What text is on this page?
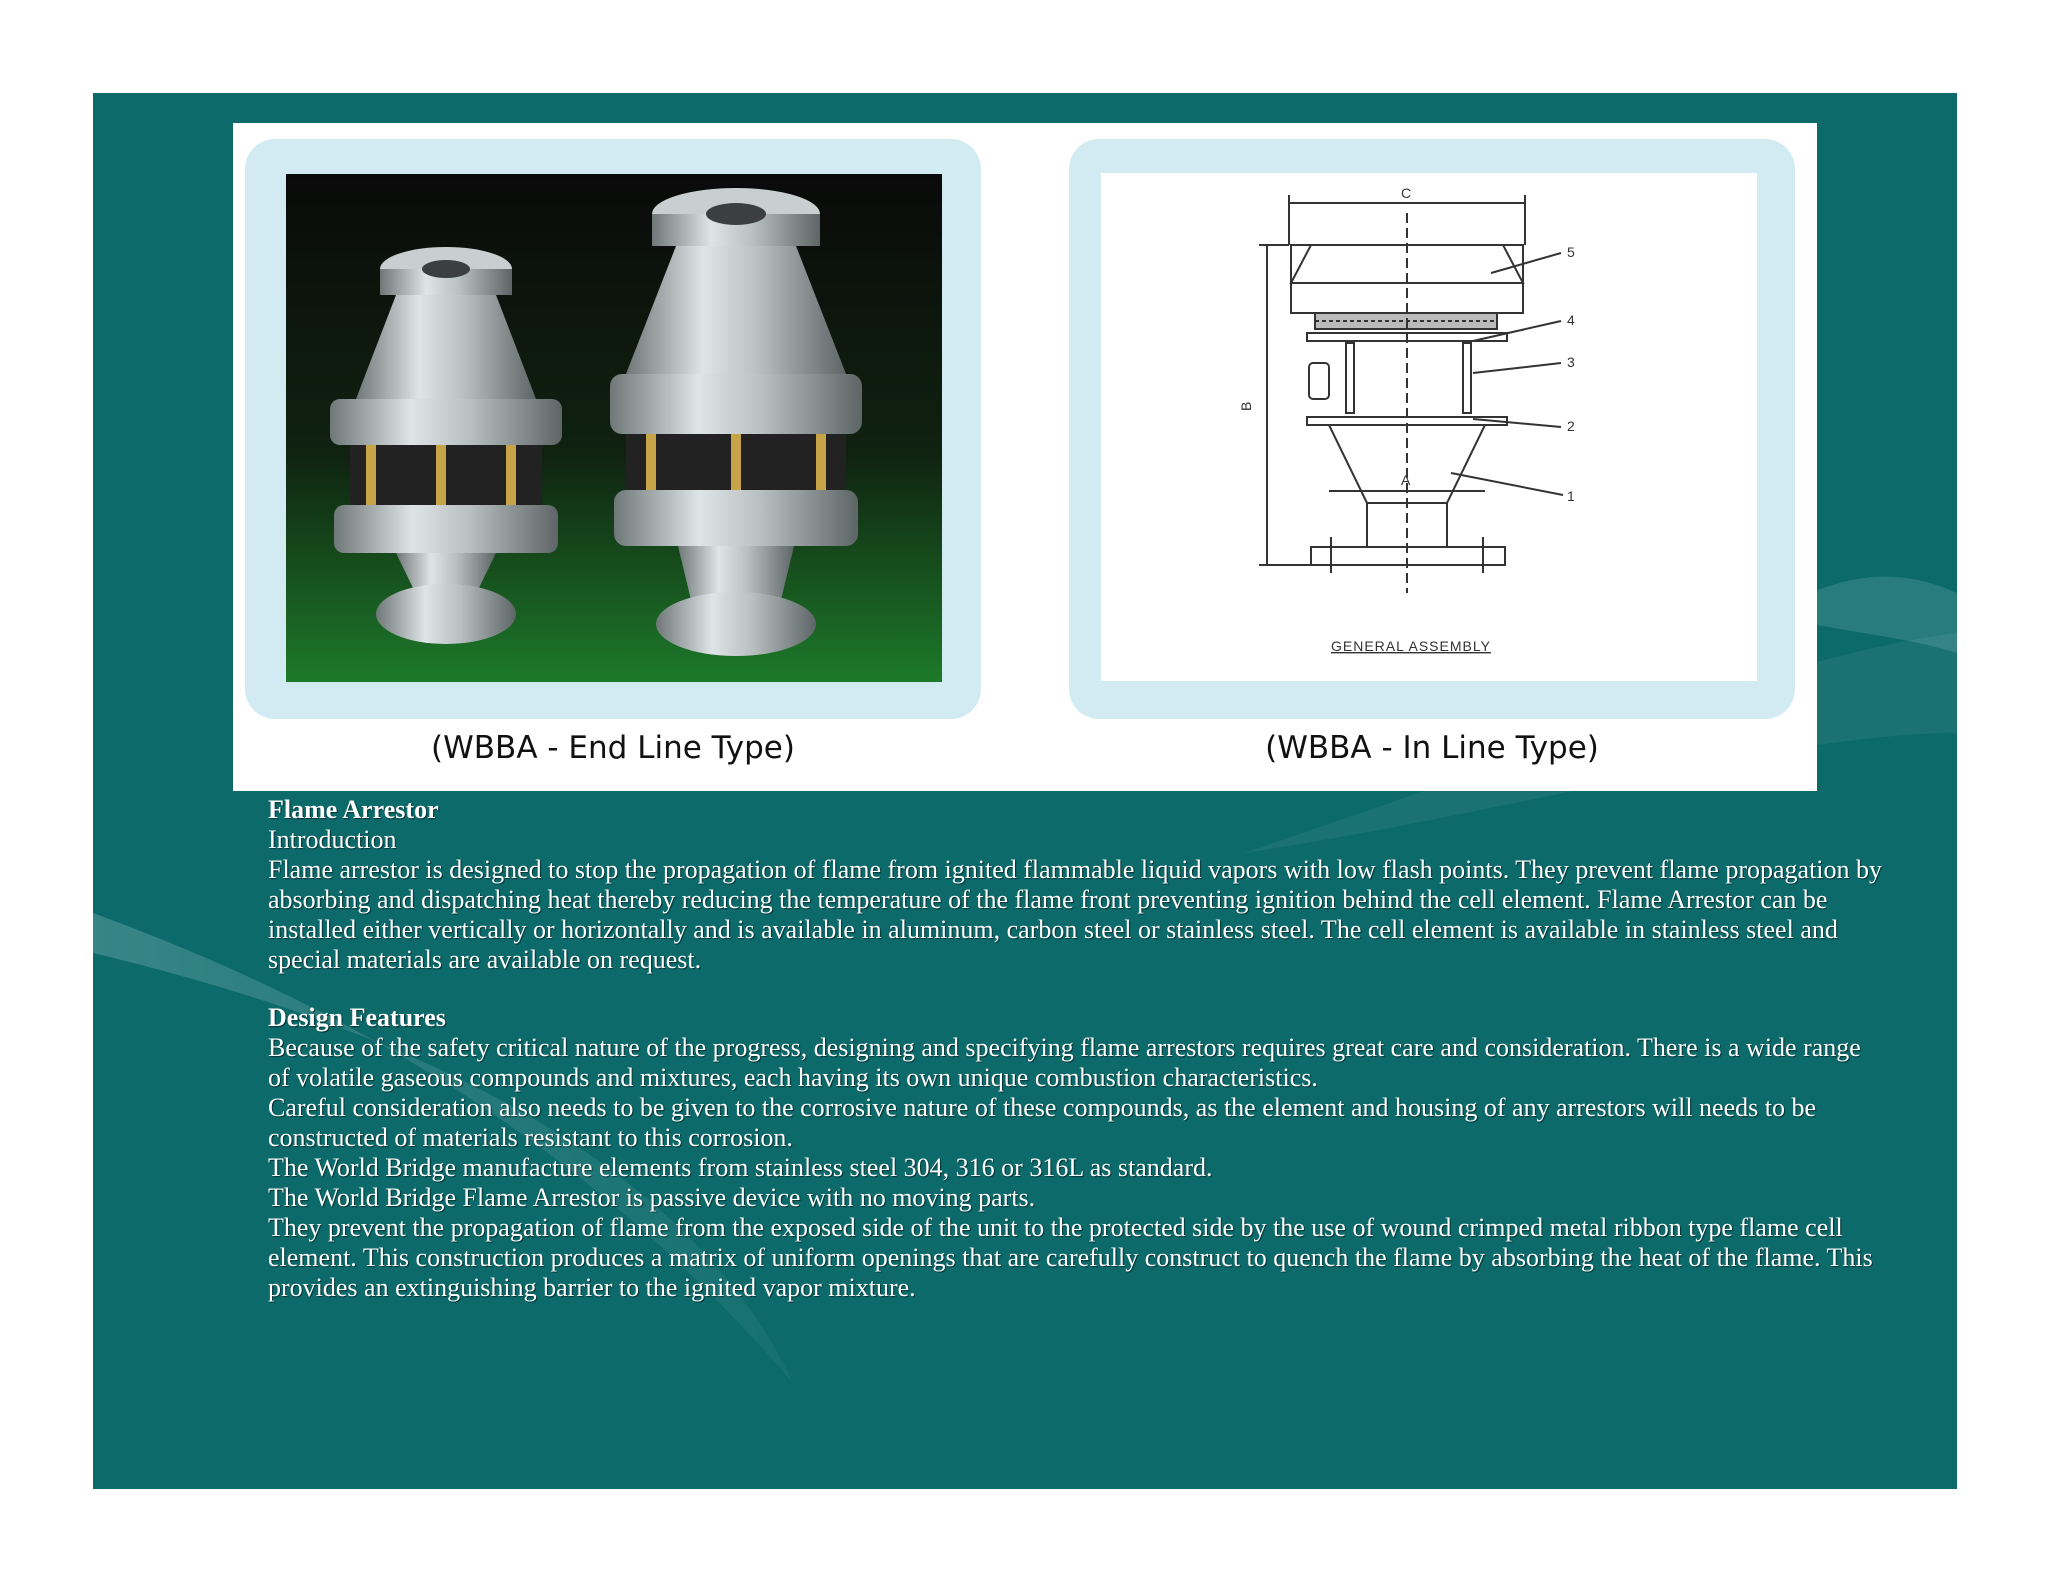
C
B
A
5
4
3
2
1
GENERAL ASSEMBLY
(WBBA - End Line Type)	(WBBA - In Line Type)

Flame Arrestor

Introduction

Flame arrestor is designed to stop the propagation of flame from ignited flammable liquid vapors with low flash points. They prevent flame propagation by absorbing and dispatching heat thereby reducing the temperature of the flame front preventing ignition behind the cell element. Flame Arrestor can be installed either vertically or horizontally and is available in aluminum, carbon steel or stainless steel. The cell element is available in stainless steel and special materials are available on request.

Design Features

Because of the safety critical nature of the progress, designing and specifying flame arrestors requires great care and consideration. There is a wide range of volatile gaseous compounds and mixtures, each having its own unique combustion characteristics.

Careful consideration also needs to be given to the corrosive nature of these compounds, as the element and housing of any arrestors will needs to be constructed of materials resistant to this corrosion.

The World Bridge manufacture elements from stainless steel 304, 316 or 316L as standard.

The World Bridge Flame Arrestor is passive device with no moving parts.

They prevent the propagation of flame from the exposed side of the unit to the protected side by the use of wound crimped metal ribbon type flame cell element. This construction produces a matrix of uniform openings that are carefully construct to quench the flame by absorbing the heat of the flame. This provides an extinguishing barrier to the ignited vapor mixture.
